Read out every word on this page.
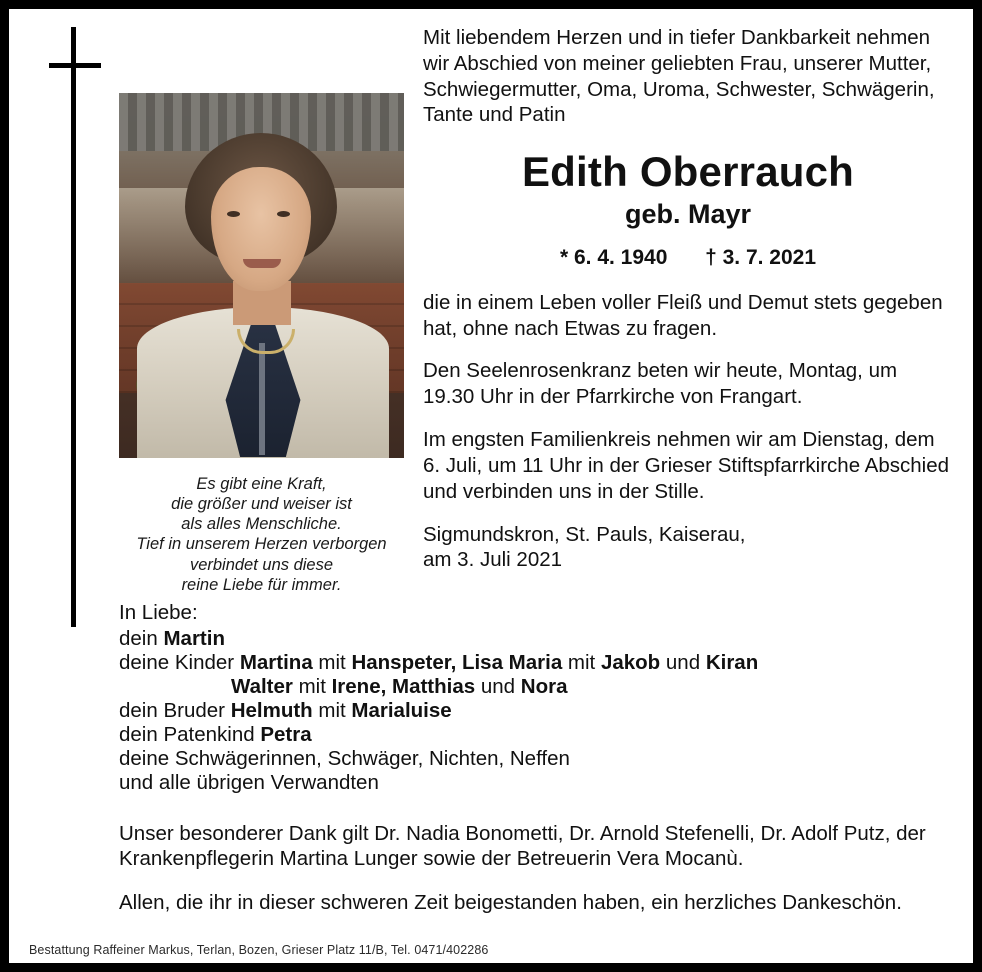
Es gibt eine Kraft,
die größer und weiser ist
als alles Menschliche.
Tief in unserem Herzen verborgen
verbindet uns diese
reine Liebe für immer.

Mit liebendem Herzen und in tiefer Dankbarkeit nehmen wir Abschied von meiner geliebten Frau, unserer Mutter, Schwiegermutter, Oma, Uroma, Schwester, Schwägerin, Tante und Patin

Edith Oberrauch
geb. Mayr
* 6. 4. 1940 † 3. 7. 2021

die in einem Leben voller Fleiß und Demut stets gegeben hat, ohne nach Etwas zu fragen.

Den Seelenrosenkranz beten wir heute, Montag, um 19.30 Uhr in der Pfarrkirche von Frangart.

Im engsten Familienkreis nehmen wir am Dienstag, dem 6. Juli, um 11 Uhr in der Grieser Stiftspfarrkirche Abschied und verbinden uns in der Stille.

Sigmundskron, St. Pauls, Kaiserau,
am 3. Juli 2021

In Liebe:
dein Martin
deine Kinder Martina mit Hanspeter, Lisa Maria mit Jakob und Kiran
Walter mit Irene, Matthias und Nora
dein Bruder Helmuth mit Marialuise
dein Patenkind Petra
deine Schwägerinnen, Schwäger, Nichten, Neffen
und alle übrigen Verwandten

Unser besonderer Dank gilt Dr. Nadia Bonometti, Dr. Arnold Stefenelli, Dr. Adolf Putz, der Krankenpflegerin Martina Lunger sowie der Betreuerin Vera Mocanù.

Allen, die ihr in dieser schweren Zeit beigestanden haben, ein herzliches Dankeschön.

Bestattung Raffeiner Markus, Terlan, Bozen, Grieser Platz 11/B, Tel. 0471/402286
